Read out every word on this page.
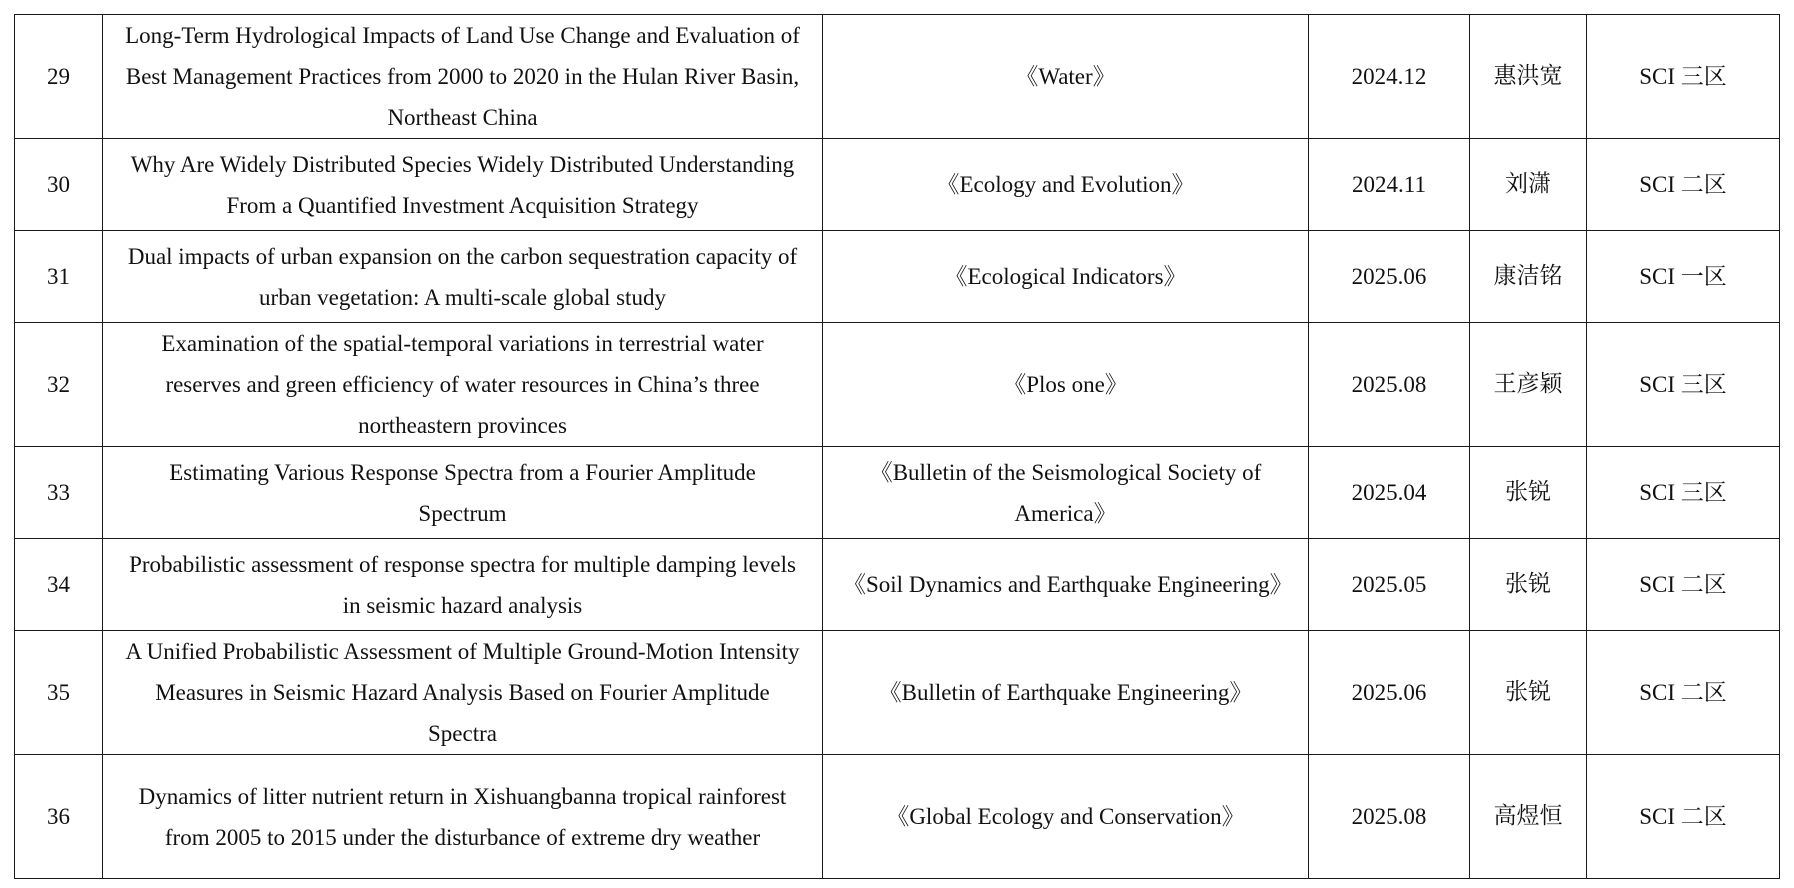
29	Long-Term Hydrological Impacts of Land Use Change and Evaluation of Best Management Practices from 2000 to 2020 in the Hulan River Basin, Northeast China	《Water》	2024.12	惠洪宽	SCI 三区
30	Why Are Widely Distributed Species Widely Distributed Understanding From a Quantified Investment Acquisition Strategy	《Ecology and Evolution》	2024.11	刘潇	SCI 二区
31	Dual impacts of urban expansion on the carbon sequestration capacity of urban vegetation: A multi-scale global study	《Ecological Indicators》	2025.06	康洁铭	SCI 一区
32	Examination of the spatial-temporal variations in terrestrial water reserves and green efficiency of water resources in China’s three northeastern provinces	《Plos one》	2025.08	王彦颖	SCI 三区
33	Estimating Various Response Spectra from a Fourier Amplitude Spectrum	《Bulletin of the Seismological Society of America》	2025.04	张锐	SCI 三区
34	Probabilistic assessment of response spectra for multiple damping levels in seismic hazard analysis	《Soil Dynamics and Earthquake Engineering》	2025.05	张锐	SCI 二区
35	A Unified Probabilistic Assessment of Multiple Ground-Motion Intensity Measures in Seismic Hazard Analysis Based on Fourier Amplitude Spectra	《Bulletin of Earthquake Engineering》	2025.06	张锐	SCI 二区
36	Dynamics of litter nutrient return in Xishuangbanna tropical rainforest from 2005 to 2015 under the disturbance of extreme dry weather	《Global Ecology and Conservation》	2025.08	高煜恒	SCI 二区
